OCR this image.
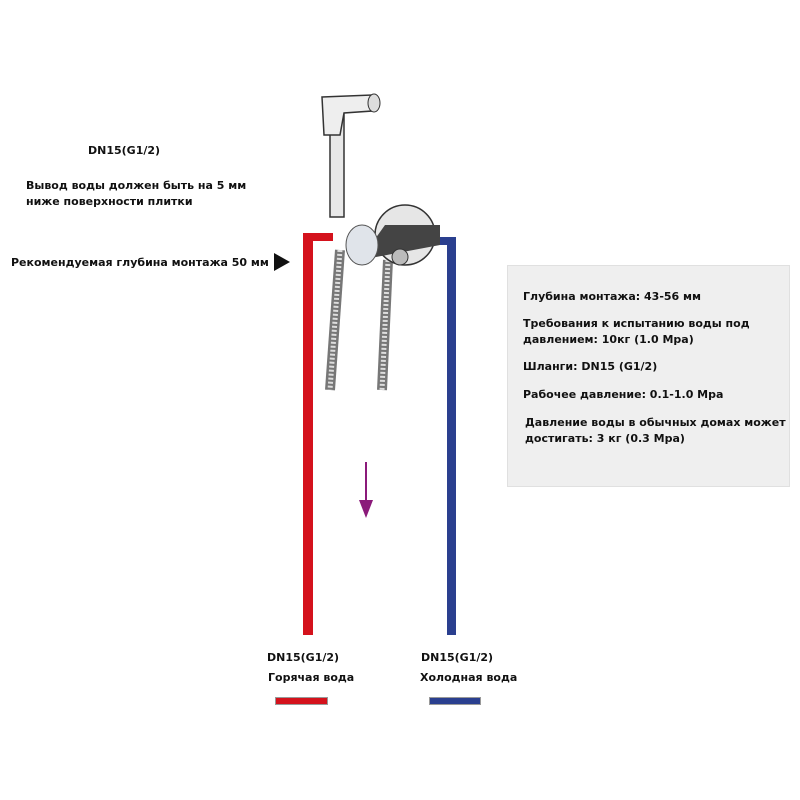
DN15(G1/2)
Вывод воды должен быть на 5 мм
ниже поверхности плитки
Рекомендуемая глубина монтажа 50 мм
Глубина монтажа: 43-56 мм
Требования к испытанию воды под
давлением: 10кг (1.0 Mpa)
Шланги: DN15 (G1/2)
Рабочее давление: 0.1-1.0 Mpa
Давление воды в обычных домах может
достигать: 3 кг (0.3 Mpa)
DN15(G1/2)
Горячая вода
DN15(G1/2)
Холодная вода
